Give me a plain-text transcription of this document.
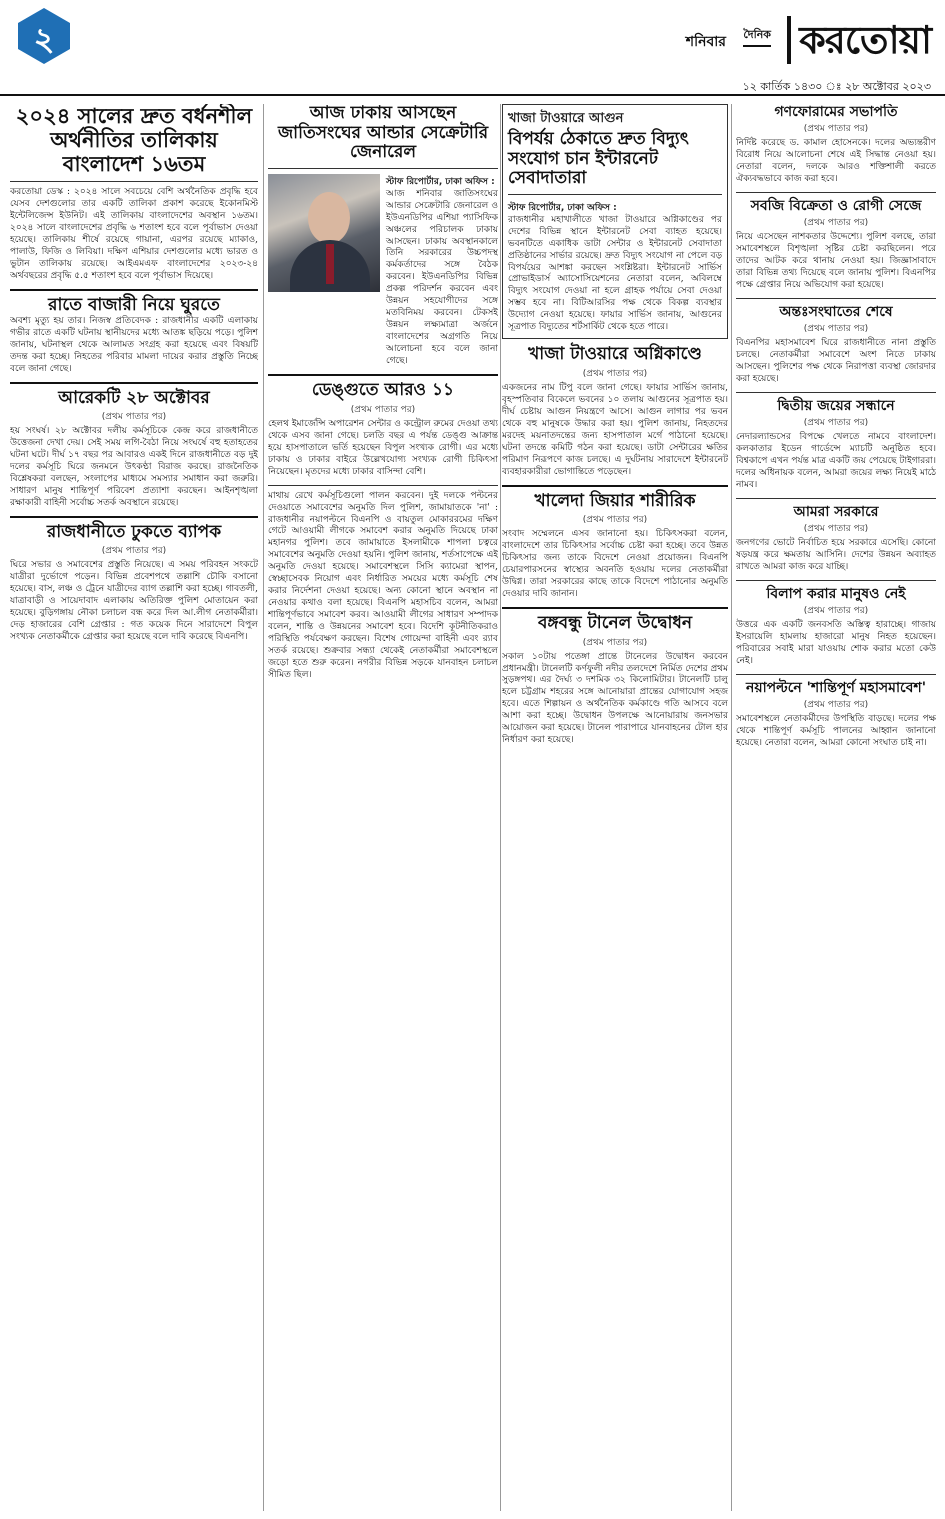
২	শনিবার দৈনিক করতোয়া
১২ কার্তিক ১৪৩০ ঃ ২৮ অক্টোবর ২০২৩
২০২৪ সালের দ্রুত বর্ধনশীল অর্থনীতির তালিকায় বাংলাদেশ ১৬তম

করতোয়া ডেস্ক : ২০২৪ সালে সবচেয়ে বেশি অর্থনৈতিক প্রবৃদ্ধি হবে যেসব দেশগুলোর তার একটি তালিকা প্রকাশ করেছে ইকোনমিস্ট ইন্টেলিজেন্স ইউনিট। এই তালিকায় বাংলাদেশের অবস্থান ১৬তম। ২০২৪ সালে বাংলাদেশের প্রবৃদ্ধি ৬ শতাংশ হবে বলে পূর্বাভাস দেওয়া হয়েছে। তালিকায় শীর্ষে রয়েছে গায়ানা, এরপর রয়েছে ম্যাকাও, পালাউ, ফিজি ও লিবিয়া। দক্ষিণ এশিয়ার দেশগুলোর মধ্যে ভারত ও ভুটান তালিকায় রয়েছে। আইএমএফ বাংলাদেশের ২০২৩-২৪ অর্থবছরের প্রবৃদ্ধি ৫.৫ শতাংশ হবে বলে পূর্বাভাস দিয়েছে।

রাতে বাজারী নিয়ে ঘুরতে

অবশ্য মৃত্যু হয় তার। নিজস্ব প্রতিবেদক : রাজধানীর একটি এলাকায় গভীর রাতে একটি ঘটনায় স্থানীয়দের মধ্যে আতঙ্ক ছড়িয়ে পড়ে। পুলিশ জানায়, ঘটনাস্থল থেকে আলামত সংগ্রহ করা হয়েছে এবং বিষয়টি তদন্ত করা হচ্ছে। নিহতের পরিবার মামলা দায়ের করার প্রস্তুতি নিচ্ছে বলে জানা গেছে।

আরেকটি ২৮ অক্টোবর
(প্রথম পাতার পর)

হয় সংঘর্ষ। ২৮ অক্টোবর দলীয় কর্মসূচিকে কেন্দ্র করে রাজধানীতে উত্তেজনা দেখা দেয়। সেই সময় লগি-বৈঠা নিয়ে সংঘর্ষে বহু হতাহতের ঘটনা ঘটে। দীর্ঘ ১৭ বছর পর আবারও একই দিনে রাজধানীতে বড় দুই দলের কর্মসূচি ঘিরে জনমনে উৎকণ্ঠা বিরাজ করছে। রাজনৈতিক বিশ্লেষকরা বলছেন, সংলাপের মাধ্যমে সমস্যার সমাধান করা জরুরি। সাধারণ মানুষ শান্তিপূর্ণ পরিবেশ প্রত্যাশা করছেন। আইনশৃঙ্খলা রক্ষাকারী বাহিনী সর্বোচ্চ সতর্ক অবস্থানে রয়েছে।

রাজধানীতে ঢুকতে ব্যাপক
(প্রথম পাতার পর)

ঘিরে সভার ও সমাবেশের প্রস্তুতি নিয়েছে। এ সময় পরিবহন সংকটে যাত্রীরা দুর্ভোগে পড়েন। বিভিন্ন প্রবেশপথে তল্লাশি চৌকি বসানো হয়েছে। বাস, লঞ্চ ও ট্রেনে যাত্রীদের ব্যাগ তল্লাশি করা হচ্ছে। গাবতলী, যাত্রাবাড়ী ও সায়েদাবাদ এলাকায় অতিরিক্ত পুলিশ মোতায়েন করা হয়েছে। বুড়িগঙ্গায় নৌকা চলাচল বন্ধ করে দিল আ.লীগ নেতাকর্মীরা। দেড় হাজারের বেশি গ্রেপ্তার : গত কয়েক দিনে সারাদেশে বিপুল সংখ্যক নেতাকর্মীকে গ্রেপ্তার করা হয়েছে বলে দাবি করেছে বিএনপি।

আজ ঢাকায় আসছেন জাতিসংঘের আন্ডার সেক্রেটারি জেনারেল
স্টাফ রিপোর্টার, ঢাকা অফিস :

আজ শনিবার জাতিসংঘের আন্ডার সেক্রেটারি জেনারেল ও ইউএনডিপির এশিয়া প্যাসিফিক অঞ্চলের পরিচালক ঢাকায় আসছেন। ঢাকায় অবস্থানকালে তিনি সরকারের উচ্চপদস্থ কর্মকর্তাদের সঙ্গে বৈঠক করবেন। ইউএনডিপির বিভিন্ন প্রকল্প পরিদর্শন করবেন এবং উন্নয়ন সহযোগীদের সঙ্গে মতবিনিময় করবেন। টেকসই উন্নয়ন লক্ষ্যমাত্রা অর্জনে বাংলাদেশের অগ্রগতি নিয়ে আলোচনা হবে বলে জানা গেছে।

ডেঙ্গুতে আরও ১১
(প্রথম পাতার পর)

হেলথ ইমার্জেন্সি অপারেশন সেন্টার ও কন্ট্রোল রুমের দেওয়া তথ্য থেকে এসব জানা গেছে। চলতি বছর এ পর্যন্ত ডেঙ্গু আক্রান্ত হয়ে হাসপাতালে ভর্তি হয়েছেন বিপুল সংখ্যক রোগী। এর মধ্যে ঢাকায় ও ঢাকার বাইরে উল্লেখযোগ্য সংখ্যক রোগী চিকিৎসা নিয়েছেন। মৃতদের মধ্যে ঢাকার বাসিন্দা বেশি।

মাথায় রেখে কর্মসূচিগুলো পালন করবেন। দুই দলকে পল্টনের দেওয়াতে সমাবেশের অনুমতি দিল পুলিশ, জামায়াতকে 'না' : রাজধানীর নয়াপল্টনে বিএনপি ও বায়তুল মোকাররমের দক্ষিণ গেটে আওয়ামী লীগকে সমাবেশ করার অনুমতি দিয়েছে ঢাকা মহানগর পুলিশ। তবে জামায়াতে ইসলামীকে শাপলা চত্বরে সমাবেশের অনুমতি দেওয়া হয়নি। পুলিশ জানায়, শর্তসাপেক্ষে এই অনুমতি দেওয়া হয়েছে। সমাবেশস্থলে সিসি ক্যামেরা স্থাপন, স্বেচ্ছাসেবক নিয়োগ এবং নির্ধারিত সময়ের মধ্যে কর্মসূচি শেষ করার নির্দেশনা দেওয়া হয়েছে। অন্য কোনো স্থানে অবস্থান না নেওয়ার কথাও বলা হয়েছে। বিএনপি মহাসচিব বলেন, আমরা শান্তিপূর্ণভাবে সমাবেশ করব। আওয়ামী লীগের সাধারণ সম্পাদক বলেন, শান্তি ও উন্নয়নের সমাবেশ হবে। বিদেশি কূটনীতিকরাও পরিস্থিতি পর্যবেক্ষণ করছেন। বিশেষ গোয়েন্দা বাহিনী এবং র‍্যাব সতর্ক রয়েছে। শুক্রবার সন্ধ্যা থেকেই নেতাকর্মীরা সমাবেশস্থলে জড়ো হতে শুরু করেন। নগরীর বিভিন্ন সড়কে যানবাহন চলাচল সীমিত ছিল।

খাজা টাওয়ারে আগুন
বিপর্যয় ঠেকাতে দ্রুত বিদ্যুৎ সংযোগ চান ইন্টারনেট সেবাদাতারা
স্টাফ রিপোর্টার, ঢাকা অফিস :

রাজধানীর মহাখালীতে খাজা টাওয়ারে অগ্নিকাণ্ডের পর দেশের বিভিন্ন স্থানে ইন্টারনেট সেবা ব্যাহত হয়েছে। ভবনটিতে একাধিক ডাটা সেন্টার ও ইন্টারনেট সেবাদাতা প্রতিষ্ঠানের সার্ভার রয়েছে। দ্রুত বিদ্যুৎ সংযোগ না পেলে বড় বিপর্যয়ের আশঙ্কা করছেন সংশ্লিষ্টরা। ইন্টারনেট সার্ভিস প্রোভাইডার্স অ্যাসোসিয়েশনের নেতারা বলেন, অবিলম্বে বিদ্যুৎ সংযোগ দেওয়া না হলে গ্রাহক পর্যায়ে সেবা দেওয়া সম্ভব হবে না। বিটিআরসির পক্ষ থেকে বিকল্প ব্যবস্থার উদ্যোগ নেওয়া হয়েছে। ফায়ার সার্ভিস জানায়, আগুনের সূত্রপাত বিদ্যুতের শর্টসার্কিট থেকে হতে পারে।

খাজা টাওয়ারে অগ্নিকাণ্ডে
(প্রথম পাতার পর)

একজনের নাম টিপু বলে জানা গেছে। ফায়ার সার্ভিস জানায়, বৃহস্পতিবার বিকেলে ভবনের ১০ তলায় আগুনের সূত্রপাত হয়। দীর্ঘ চেষ্টায় আগুন নিয়ন্ত্রণে আসে। আগুন লাগার পর ভবন থেকে বহু মানুষকে উদ্ধার করা হয়। পুলিশ জানায়, নিহতদের মরদেহ ময়নাতদন্তের জন্য হাসপাতাল মর্গে পাঠানো হয়েছে। ঘটনা তদন্তে কমিটি গঠন করা হয়েছে। ডাটা সেন্টারের ক্ষতির পরিমাণ নিরূপণে কাজ চলছে। এ দুর্ঘটনায় সারাদেশে ইন্টারনেট ব্যবহারকারীরা ভোগান্তিতে পড়েছেন।

খালেদা জিয়ার শারীরিক
(প্রথম পাতার পর)

সংবাদ সম্মেলনে এসব জানানো হয়। চিকিৎসকরা বলেন, বাংলাদেশে তার চিকিৎসার সর্বোচ্চ চেষ্টা করা হচ্ছে। তবে উন্নত চিকিৎসার জন্য তাকে বিদেশে নেওয়া প্রয়োজন। বিএনপি চেয়ারপারসনের স্বাস্থ্যের অবনতি হওয়ায় দলের নেতাকর্মীরা উদ্বিগ্ন। তারা সরকারের কাছে তাকে বিদেশে পাঠানোর অনুমতি দেওয়ার দাবি জানান।

বঙ্গবন্ধু টানেল উদ্বোধন
(প্রথম পাতার পর)

সকাল ১০টায় পতেঙ্গা প্রান্তে টানেলের উদ্বোধন করবেন প্রধানমন্ত্রী। টানেলটি কর্ণফুলী নদীর তলদেশে নির্মিত দেশের প্রথম সুড়ঙ্গপথ। এর দৈর্ঘ্য ৩ দশমিক ৩২ কিলোমিটার। টানেলটি চালু হলে চট্টগ্রাম শহরের সঙ্গে আনোয়ারা প্রান্তের যোগাযোগ সহজ হবে। এতে শিল্পায়ন ও অর্থনৈতিক কর্মকাণ্ডে গতি আসবে বলে আশা করা হচ্ছে। উদ্বোধন উপলক্ষে আনোয়ারায় জনসভার আয়োজন করা হয়েছে। টানেল পারাপারে যানবাহনের টোল হার নির্ধারণ করা হয়েছে।

গণফোরামের সভাপতি
(প্রথম পাতার পর)

নির্দিষ্ট করেছে ড. কামাল হোসেনকে। দলের অভ্যন্তরীণ বিরোধ নিয়ে আলোচনা শেষে এই সিদ্ধান্ত নেওয়া হয়। নেতারা বলেন, দলকে আরও শক্তিশালী করতে ঐক্যবদ্ধভাবে কাজ করা হবে।

সবজি বিক্রেতা ও রোগী সেজে
(প্রথম পাতার পর)

নিয়ে এসেছেন নাশকতার উদ্দেশ্যে। পুলিশ বলছে, তারা সমাবেশস্থলে বিশৃঙ্খলা সৃষ্টির চেষ্টা করছিলেন। পরে তাদের আটক করে থানায় নেওয়া হয়। জিজ্ঞাসাবাদে তারা বিভিন্ন তথ্য দিয়েছে বলে জানায় পুলিশ। বিএনপির পক্ষে গ্রেপ্তার নিয়ে অভিযোগ করা হয়েছে।

অন্তঃসংঘাতের শেষে
(প্রথম পাতার পর)

বিএনপির মহাসমাবেশ ঘিরে রাজধানীতে নানা প্রস্তুতি চলছে। নেতাকর্মীরা সমাবেশে অংশ নিতে ঢাকায় আসছেন। পুলিশের পক্ষ থেকে নিরাপত্তা ব্যবস্থা জোরদার করা হয়েছে।

দ্বিতীয় জয়ের সন্ধানে
(প্রথম পাতার পর)

নেদারল্যান্ডসের বিপক্ষে খেলতে নামবে বাংলাদেশ। কলকাতার ইডেন গার্ডেন্সে ম্যাচটি অনুষ্ঠিত হবে। বিশ্বকাপে এখন পর্যন্ত মাত্র একটি জয় পেয়েছে টাইগাররা। দলের অধিনায়ক বলেন, আমরা জয়ের লক্ষ্য নিয়েই মাঠে নামব।

আমরা সরকারে
(প্রথম পাতার পর)

জনগণের ভোটে নির্বাচিত হয়ে সরকারে এসেছি। কোনো ষড়যন্ত্র করে ক্ষমতায় আসিনি। দেশের উন্নয়ন অব্যাহত রাখতে আমরা কাজ করে যাচ্ছি।

বিলাপ করার মানুষও নেই
(প্রথম পাতার পর)

উত্তরে এক একটি জনবসতি অস্তিত্ব হারাচ্ছে। গাজায় ইসরায়েলি হামলায় হাজারো মানুষ নিহত হয়েছেন। পরিবারের সবাই মারা যাওয়ায় শোক করার মতো কেউ নেই।

নয়াপল্টনে 'শান্তিপূর্ণ মহাসমাবেশ'
(প্রথম পাতার পর)

সমাবেশস্থলে নেতাকর্মীদের উপস্থিতি বাড়ছে। দলের পক্ষ থেকে শান্তিপূর্ণ কর্মসূচি পালনের আহ্বান জানানো হয়েছে। নেতারা বলেন, আমরা কোনো সংঘাত চাই না।
